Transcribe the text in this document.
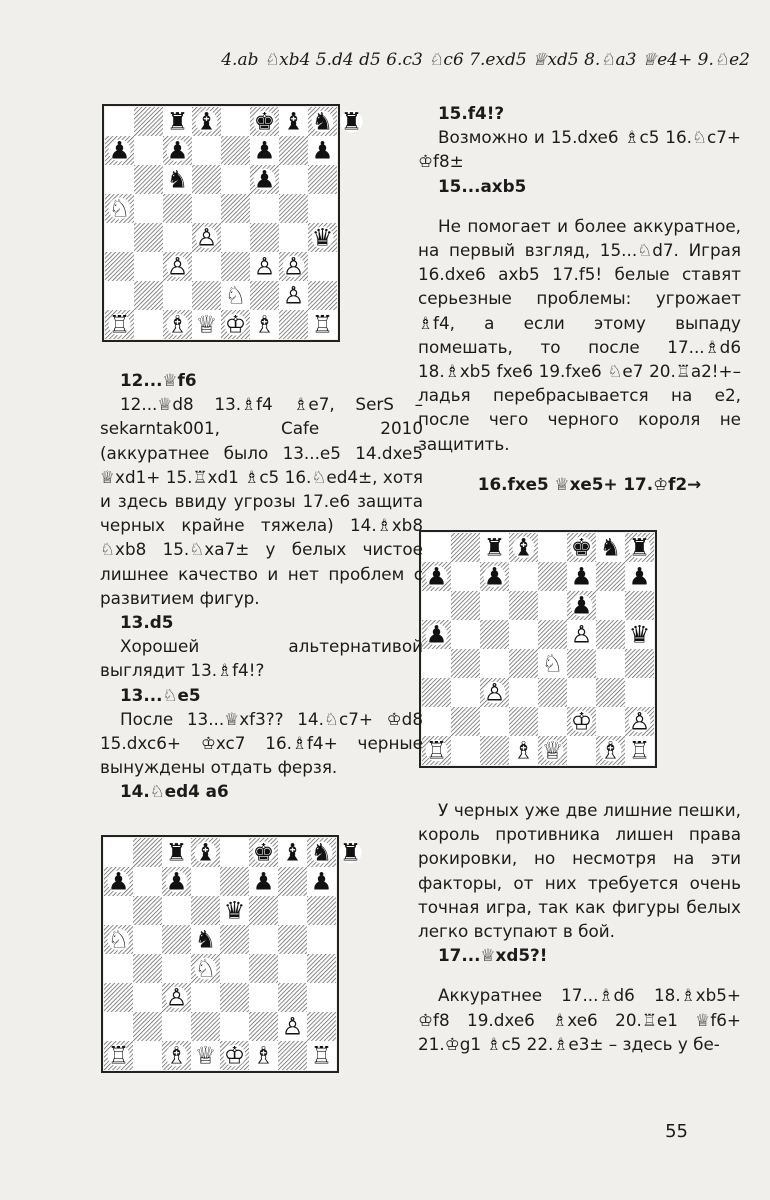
4.ab ♘xb4 5.d4 d5 6.c3 ♘c6 7.exd5 ♕xd5 8.♘a3 ♕e4+ 9.♘e2
♜ ♝ ♚ ♝ ♞ ♜
♟ ♟	♟ ♟
♞	♟
♘
♙	♛
♙	♙ ♙
♘ ♙
♖ ♗ ♕ ♔ ♗ ♖
♜ ♝ ♚ ♞ ♜
♟ ♟	♟ ♟
♟
♟	♙ ♛
♘
♙
♔ ♙
♖	♗ ♕ ♗ ♖
♜ ♝ ♚ ♝ ♞ ♜
♟ ♟	♟ ♟
♛
♘	♞
♘
♙
♙
♖ ♗ ♕ ♔ ♗ ♖

12...♕f6

12...♕d8 13.♗f4 ♗e7, SerS – sekarntak001, Cafe 2010 (аккуратнее было 13...e5 14.dxe5 ♕xd1+ 15.♖xd1 ♗c5 16.♘ed4±, хотя и здесь ввиду угрозы 17.e6 защита черных крайне тяжела) 14.♗xb8 ♘xb8 15.♘xa7± у белых чистое лишнее качество и нет проблем с развитием фигур.

13.d5

Хорошей альтернативой выглядит 13.♗f4!?

13...♘e5

После 13...♕xf3?? 14.♘c7+ ♔d8 15.dxc6+ ♔xc7 16.♗f4+ черные вынуждены отдать ферзя.

14.♘ed4 a6

15.f4!?

Возможно и 15.dxe6 ♗c5 16.♘c7+ ♔f8±

15...axb5

Не помогает и более аккуратное, на первый взгляд, 15...♘d7. Играя 16.dxe6 axb5 17.f5! белые ставят серьезные проблемы: угрожает ♗f4, а если этому выпаду помешать, то после 17...♗d6 18.♗xb5 fxe6 19.fxe6 ♘e7 20.♖a2!+– ладья перебрасывается на e2, после чего черного короля не защитить.

16.fxe5 ♕xe5+ 17.♔f2→

У черных уже две лишние пешки, король противника лишен права рокировки, но несмотря на эти факторы, от них требуется очень точная игра, так как фигуры белых легко вступают в бой.

17...♕xd5?!

Аккуратнее 17...♗d6 18.♗xb5+ ♔f8 19.dxe6 ♗xe6 20.♖e1 ♕f6+ 21.♔g1 ♗c5 22.♗e3± – здесь у бе-

55
